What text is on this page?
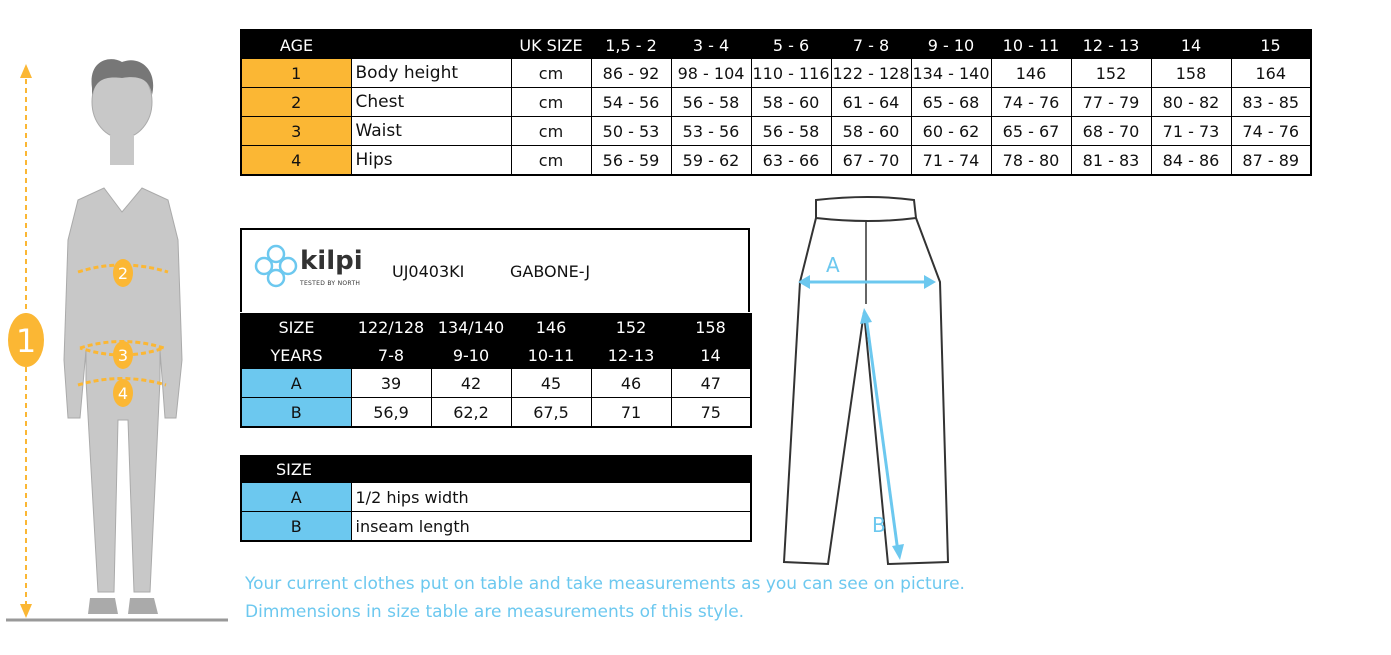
1
2
3
4
AGE		UK SIZE	1,5 - 2	3 - 4	5 - 6	7 - 8	9 - 10	10 - 11	12 - 13	14	15
1	Body height	cm	86 - 92	98 - 104	110 - 116	122 - 128	134 - 140	146	152	158	164
2	Chest	cm	54 - 56	56 - 58	58 - 60	61 - 64	65 - 68	74 - 76	77 - 79	80 - 82	83 - 85
3	Waist	cm	50 - 53	53 - 56	56 - 58	58 - 60	60 - 62	65 - 67	68 - 70	71 - 73	74 - 76
4	Hips	cm	56 - 59	59 - 62	63 - 66	67 - 70	71 - 74	78 - 80	81 - 83	84 - 86	87 - 89
kilpi
TESTED BY NORTH
UJ0403KI	GABONE-J
SIZE	122/128	134/140	146	152	158
YEARS	7-8	9-10	10-11	12-13	14
A	39	42	45	46	47
B	56,9	62,2	67,5	71	75
SIZE	
A	1/2 hips width
B	inseam length
A
B
Your current clothes put on table and take measurements as you can see on picture.
Dimmensions in size table are measurements of this style.
